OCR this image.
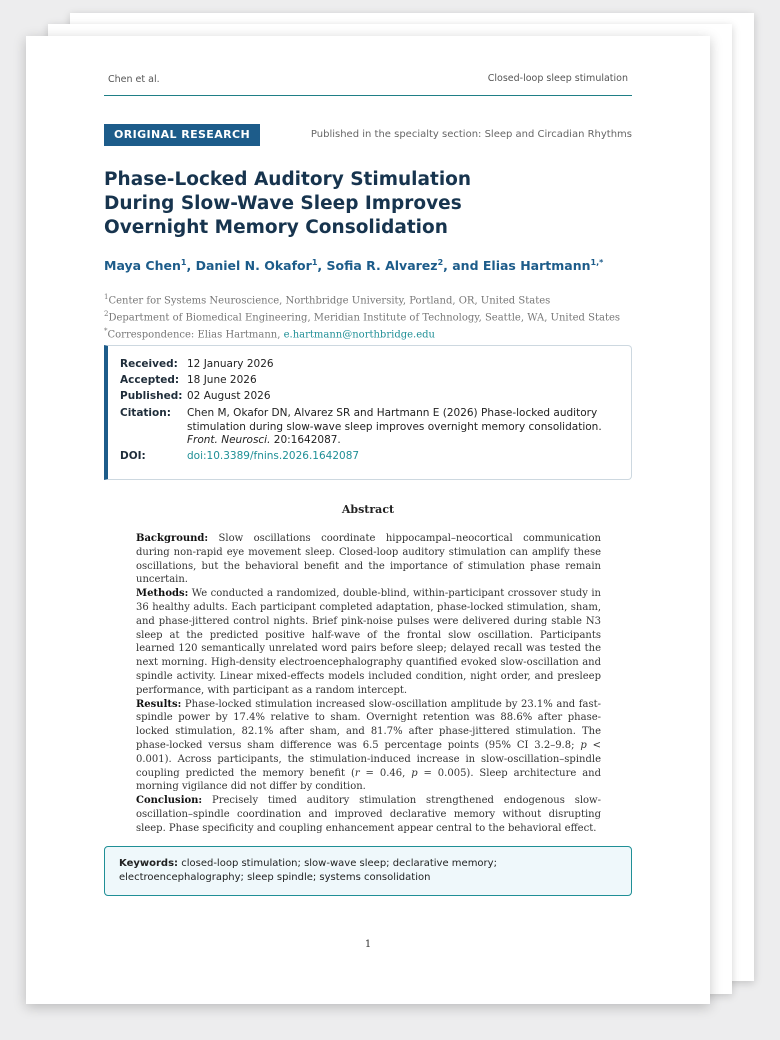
Chen et al.	Closed-loop sleep stimulation
ORIGINAL RESEARCH	Published in the specialty section: Sleep and Circadian Rhythms
Phase-Locked Auditory Stimulation During Slow-Wave Sleep Improves Overnight Memory Consolidation
Maya Chen$^1$, Daniel N. Okafor$^1$, Sofia R. Alvarez$^2$, and Elias Hartmann$^{1,*}$
$^1$Center for Systems Neuroscience, Northbridge University, Portland, OR, United States
$^2$Department of Biomedical Engineering, Meridian Institute of Technology, Seattle, WA, United States
*Correspondence: Elias Hartmann, e.hartmann@northbridge.edu
Received: 12 January 2026
Accepted: 18 June 2026
Published: 02 August 2026
Citation:	Chen M, Okafor DN, Alvarez SR and Hartmann E (2026) Phase-locked auditory stimulation during slow-wave sleep improves overnight memory consolidation. Front. Neurosci. 20:1642087.
DOI:	doi:10.3389/fnins.2026.1642087
Abstract

Background: Slow oscillations coordinate hippocampal–neocortical communication during non-rapid eye movement sleep. Closed-loop auditory stimulation can amplify these oscillations, but the behavioral benefit and the importance of stimulation phase remain uncertain.

Methods: We conducted a randomized, double-blind, within-participant crossover study in 36 healthy adults. Each participant completed adaptation, phase-locked stimulation, sham, and phase-jittered control nights. Brief pink-noise pulses were delivered during stable N3 sleep at the predicted positive half-wave of the frontal slow oscillation. Participants learned 120 semantically unrelated word pairs before sleep; delayed recall was tested the next morning. High-density electroencephalography quantified evoked slow-oscillation and spindle activity. Linear mixed-effects models included condition, night order, and presleep performance, with participant as a random intercept.

Results: Phase-locked stimulation increased slow-oscillation amplitude by 23.1% and fast-spindle power by 17.4% relative to sham. Overnight retention was 88.6% after phase-locked stimulation, 82.1% after sham, and 81.7% after phase-jittered stimulation. The phase-locked versus sham difference was 6.5 percentage points (95% CI 3.2–9.8; p < 0.001). Across participants, the stimulation-induced increase in slow-oscillation–spindle coupling predicted the memory benefit (r = 0.46, p = 0.005). Sleep architecture and morning vigilance did not differ by condition.

Conclusion: Precisely timed auditory stimulation strengthened endogenous slow-oscillation–spindle coordination and improved declarative memory without disrupting sleep. Phase specificity and coupling enhancement appear central to the behavioral effect.

Keywords: closed-loop stimulation; slow-wave sleep; declarative memory; electroencephalography; sleep spindle; systems consolidation
1
